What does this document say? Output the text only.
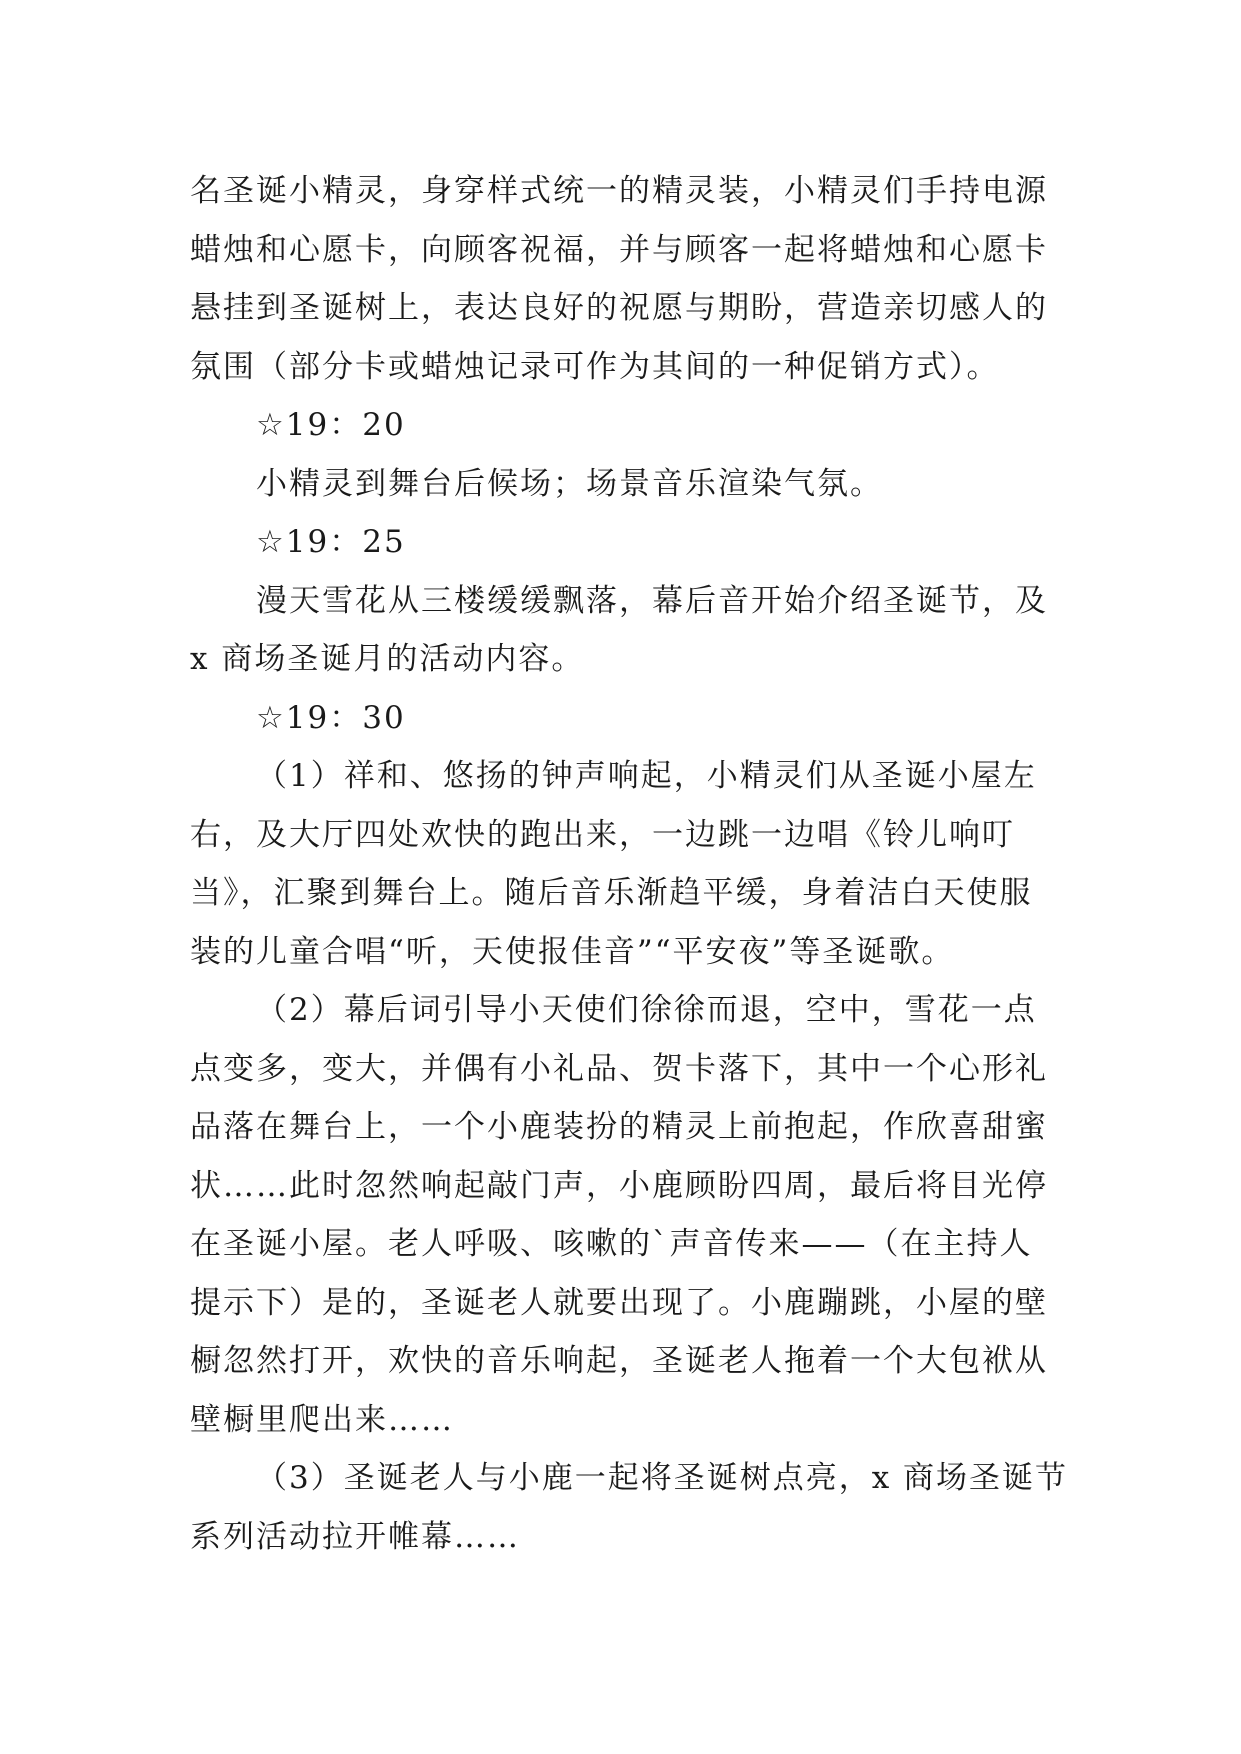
名圣诞小精灵，身穿样式统一的精灵装，小精灵们手持电源
蜡烛和心愿卡，向顾客祝福，并与顾客一起将蜡烛和心愿卡
悬挂到圣诞树上，表达良好的祝愿与期盼，营造亲切感人的
氛围（部分卡或蜡烛记录可作为其间的一种促销方式）。
☆19：20
小精灵到舞台后候场；场景音乐渲染气氛。
☆19：25
漫天雪花从三楼缓缓飘落，幕后音开始介绍圣诞节，及
x 商场圣诞月的活动内容。
☆19：30
（1）祥和、悠扬的钟声响起，小精灵们从圣诞小屋左
右，及大厅四处欢快的跑出来，一边跳一边唱《铃儿响叮
当》，汇聚到舞台上。随后音乐渐趋平缓，身着洁白天使服
装的儿童合唱“听，天使报佳音”“平安夜”等圣诞歌。
（2）幕后词引导小天使们徐徐而退，空中，雪花一点
点变多，变大，并偶有小礼品、贺卡落下，其中一个心形礼
品落在舞台上，一个小鹿装扮的精灵上前抱起，作欣喜甜蜜
状……此时忽然响起敲门声，小鹿顾盼四周，最后将目光停
在圣诞小屋。老人呼吸、咳嗽的`声音传来——（在主持人
提示下）是的，圣诞老人就要出现了。小鹿蹦跳，小屋的壁
橱忽然打开，欢快的音乐响起，圣诞老人拖着一个大包袱从
壁橱里爬出来……
（3）圣诞老人与小鹿一起将圣诞树点亮，x 商场圣诞节
系列活动拉开帷幕……
